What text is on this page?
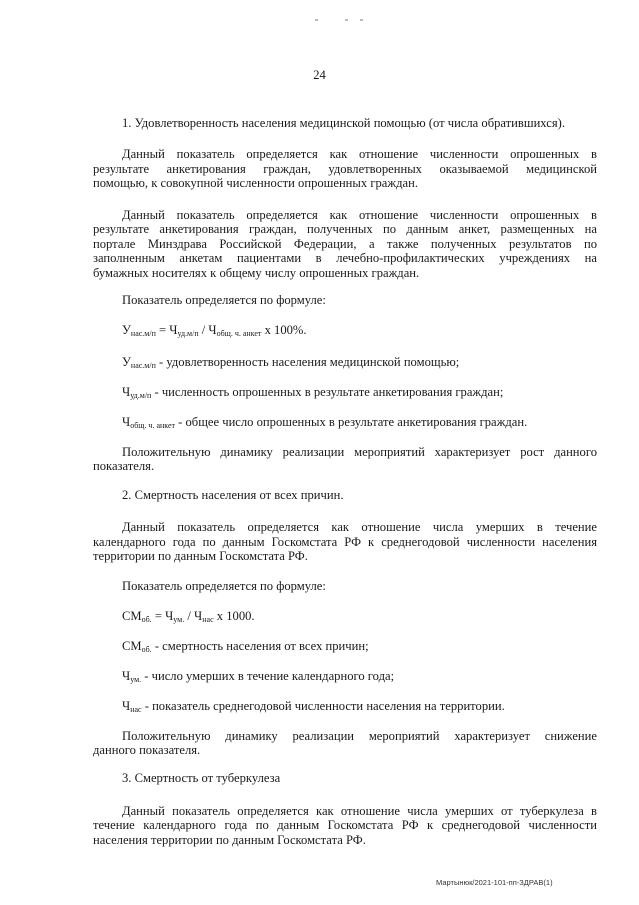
24
1. Удовлетворенность населения медицинской помощью (от числа обратившихся).
Данный показатель определяется как отношение численности опрошенных в
результате анкетирования граждан, удовлетворенных оказываемой медицинской
помощью, к совокупной численности опрошенных граждан.
Данный показатель определяется как отношение численности опрошенных в
результате анкетирования граждан, полученных по данным анкет, размещенных на
портале Минздрава Российской Федерации, а также полученных результатов по
заполненным анкетам пациентами в лечебно-профилактических учреждениях на
бумажных носителях к общему числу опрошенных граждан.
Показатель определяется по формуле:
$У_{нас.м/п} = Ч_{уд.м/п} / Ч_{общ. ч. анкет}$ х 100%.
$У_{нас.м/п}$ - удовлетворенность населения медицинской помощью;
$Ч_{уд.м/п}$ - численность опрошенных в результате анкетирования граждан;
$Ч_{общ. ч. анкет}$ - общее число опрошенных в результате анкетирования граждан.
Положительную динамику реализации мероприятий характеризует рост данного
показателя.
2. Смертность населения от всех причин.
Данный показатель определяется как отношение числа умерших в течение
календарного года по данным Госкомстата РФ к среднегодовой численности населения
территории по данным Госкомстата РФ.
Показатель определяется по формуле:
$СМ_{об.} = Ч_{ум.} / Ч_{нас}$ х 1000.
$СМ_{об.}$ - смертность населения от всех причин;
$Ч_{ум.}$ - число умерших в течение календарного года;
$Ч_{нас}$ - показатель среднегодовой численности населения на территории.
Положительную динамику реализации мероприятий характеризует снижение
данного показателя.
3. Смертность от туберкулеза
Данный показатель определяется как отношение числа умерших от туберкулеза в
течение календарного года по данным Госкомстата РФ к среднегодовой численности
населения территории по данным Госкомстата РФ.
Мартынюк/2021-101-пп-ЗДРАВ(1)
